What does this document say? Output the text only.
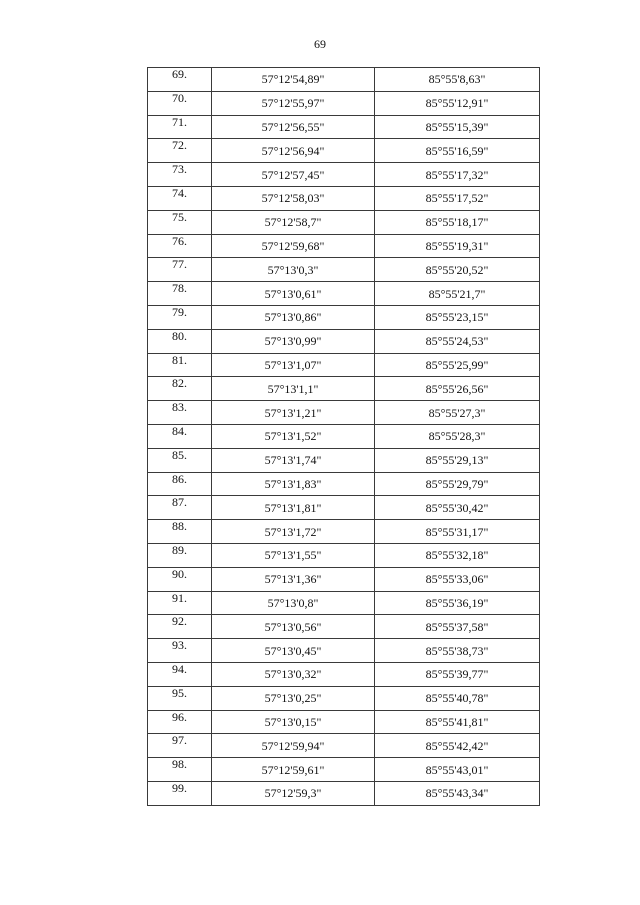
69
69.	57°12'54,89"	85°55'8,63"
70.	57°12'55,97"	85°55'12,91"
71.	57°12'56,55"	85°55'15,39"
72.	57°12'56,94"	85°55'16,59"
73.	57°12'57,45"	85°55'17,32"
74.	57°12'58,03"	85°55'17,52"
75.	57°12'58,7"	85°55'18,17"
76.	57°12'59,68"	85°55'19,31"
77.	57°13'0,3"	85°55'20,52"
78.	57°13'0,61"	85°55'21,7"
79.	57°13'0,86"	85°55'23,15"
80.	57°13'0,99"	85°55'24,53"
81.	57°13'1,07"	85°55'25,99"
82.	57°13'1,1"	85°55'26,56"
83.	57°13'1,21"	85°55'27,3"
84.	57°13'1,52"	85°55'28,3"
85.	57°13'1,74"	85°55'29,13"
86.	57°13'1,83"	85°55'29,79"
87.	57°13'1,81"	85°55'30,42"
88.	57°13'1,72"	85°55'31,17"
89.	57°13'1,55"	85°55'32,18"
90.	57°13'1,36"	85°55'33,06"
91.	57°13'0,8"	85°55'36,19"
92.	57°13'0,56"	85°55'37,58"
93.	57°13'0,45"	85°55'38,73"
94.	57°13'0,32"	85°55'39,77"
95.	57°13'0,25"	85°55'40,78"
96.	57°13'0,15"	85°55'41,81"
97.	57°12'59,94"	85°55'42,42"
98.	57°12'59,61"	85°55'43,01"
99.	57°12'59,3"	85°55'43,34"
